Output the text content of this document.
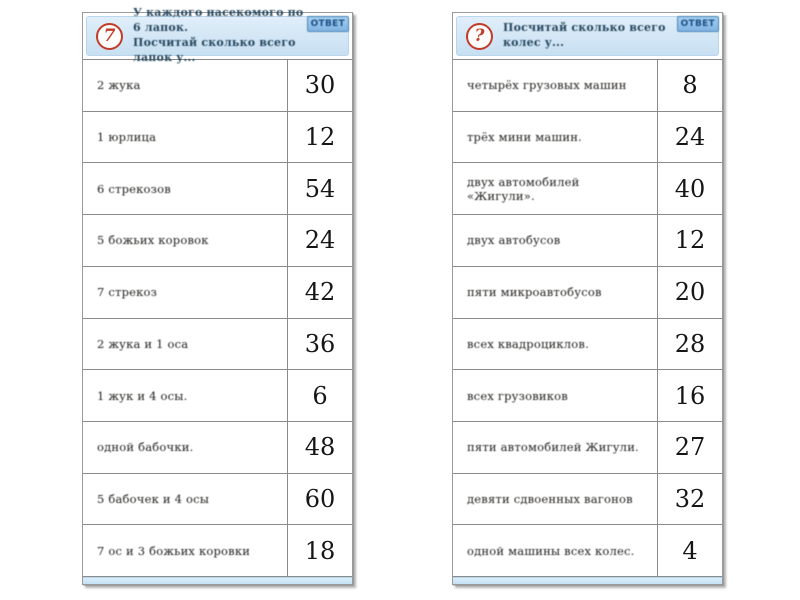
7
У каждого насекомого по 6 лапок.
Посчитай сколько всего лапок у...
ОТВЕТ
2 жука	30
1 юрлица	12
6 стрекозов	54
5 божьих коровок	24
7 стрекоз	42
2 жука и 1 оса	36
1 жук и 4 осы.	6
одной бабочки.	48
5 бабочек и 4 осы	60
7 ос и 3 божьих коровки	18
? Посчитай сколько всего колес у...
ОТВЕТ
четырёх грузовых машин	8
трёх мини машин.	24
двух автомобилей «Жигули».	40
двух автобусов	12
пяти микроавтобусов	20
всех квадроциклов.	28
всех грузовиков	16
пяти автомобилей Жигули.	27
девяти сдвоенных вагонов	32
одной машины всех колес.	4
